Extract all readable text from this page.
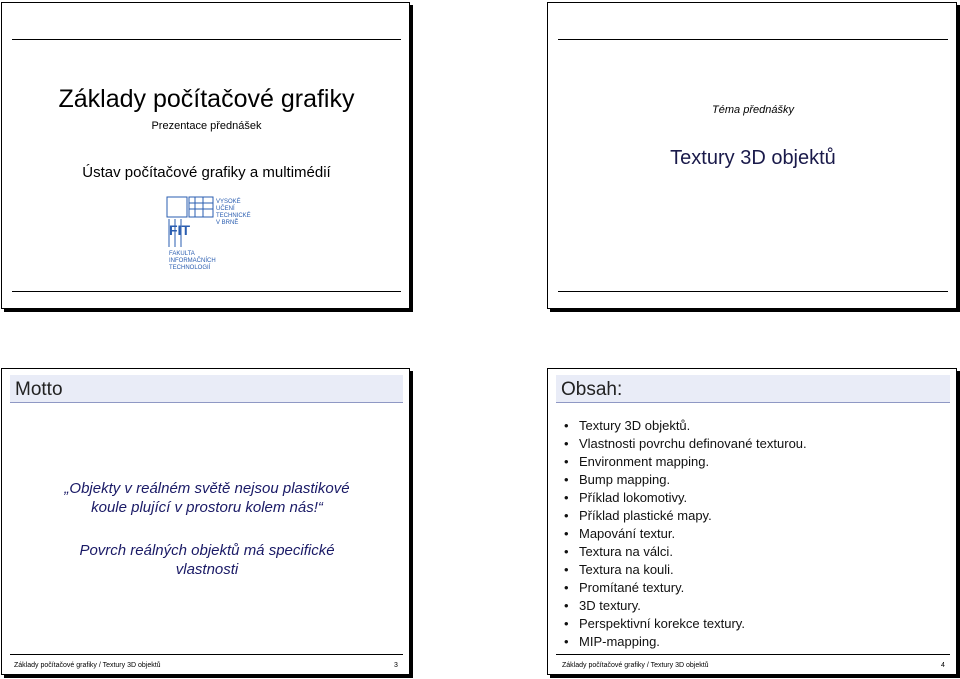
Základy počítačové grafiky
Prezentace přednášek
Ústav počítačové grafiky a multimédií
FIT
VYSOKÉ
UČENÍ
TECHNICKÉ
V BRNĚ
FAKULTA
INFORMAČNÍCH
TECHNOLOGIÍ
Téma přednášky
Textury 3D objektů
Motto
„Objekty v reálném světě nejsou plastikové
koule plující v prostoru kolem nás!“
Povrch reálných objektů má specifické
vlastnosti
Základy počítačové grafiky / Textury 3D objektů	3
Obsah:
• Textury 3D objektů.
• Vlastnosti povrchu definované texturou.
• Environment mapping.
• Bump mapping.
• Příklad lokomotivy.
• Příklad plastické mapy.
• Mapování textur.
• Textura na válci.
• Textura na kouli.
• Promítané textury.
• 3D textury.
• Perspektivní korekce textury.
• MIP-mapping.
Základy počítačové grafiky / Textury 3D objektů	4
